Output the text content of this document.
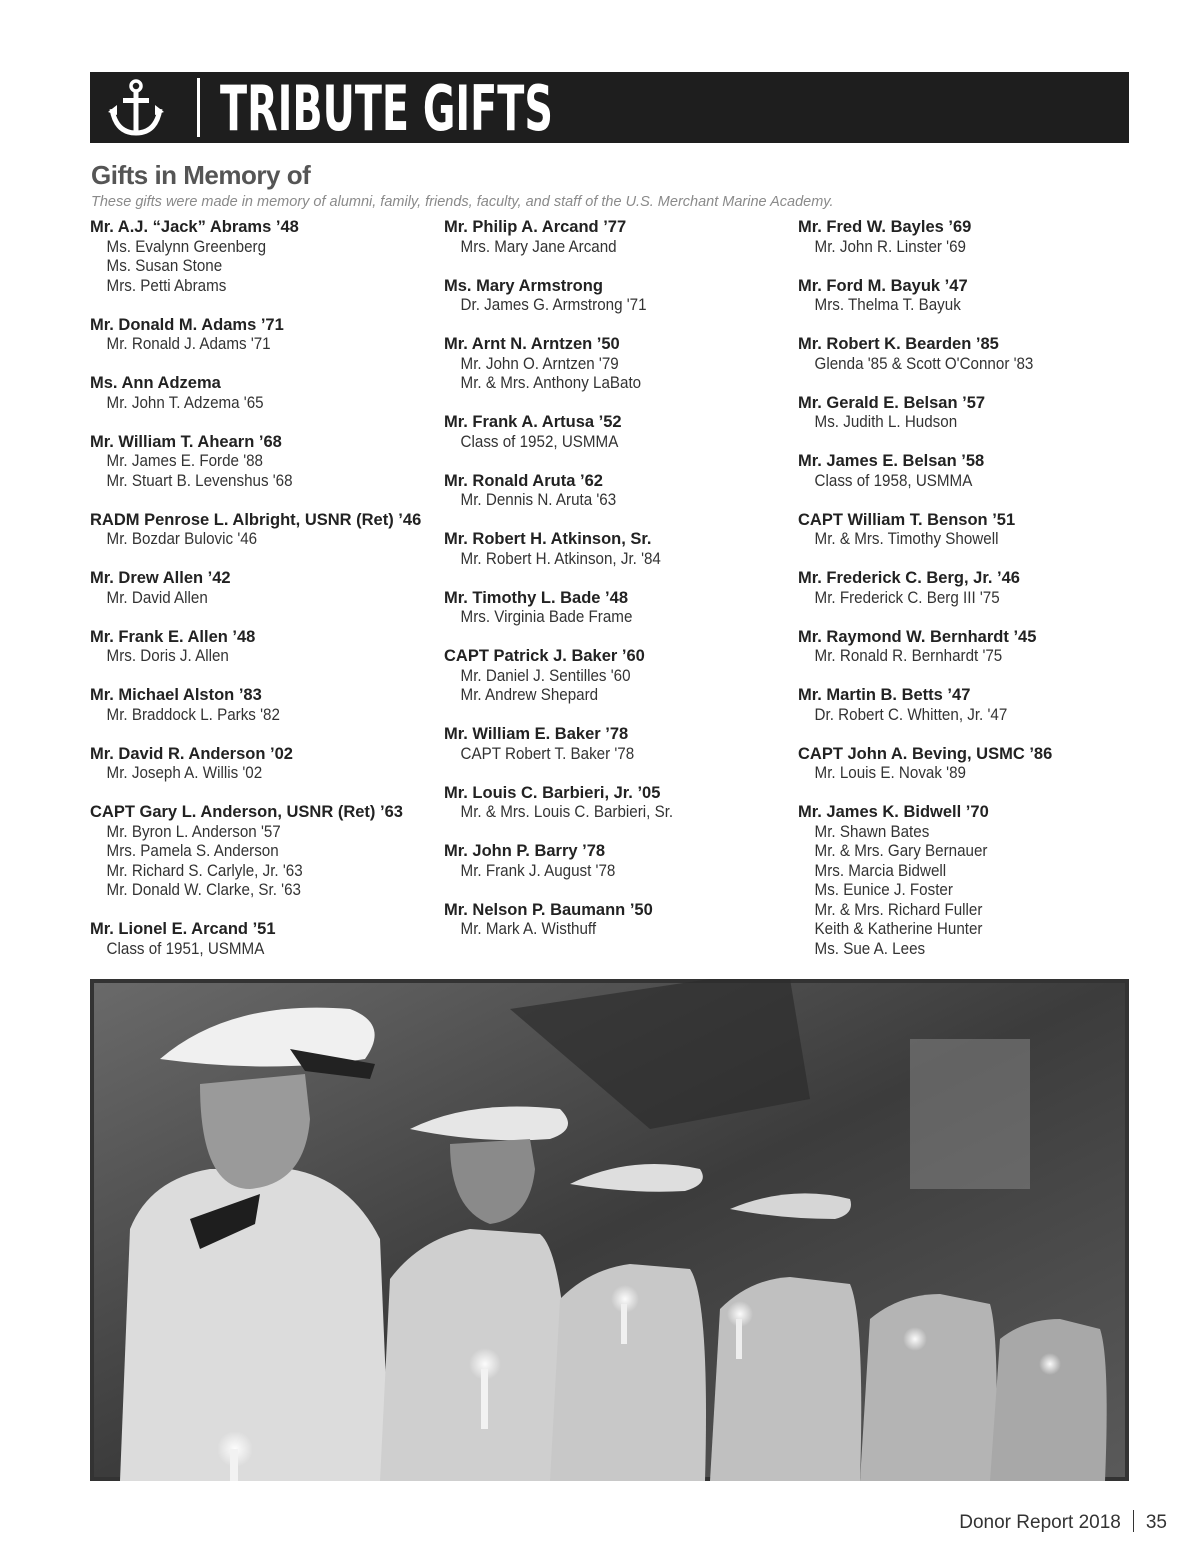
TRIBUTE GIFTS
Gifts in Memory of
These gifts were made in memory of alumni, family, friends, faculty, and staff of the U.S. Merchant Marine Academy.
Mr. A.J. “Jack” Abrams ’48
Ms. Evalynn Greenberg
Ms. Susan Stone
Mrs. Petti Abrams
Mr. Donald M. Adams ’71
Mr. Ronald J. Adams '71
Ms. Ann Adzema
Mr. John T. Adzema '65
Mr. William T. Ahearn ’68
Mr. James E. Forde '88
Mr. Stuart B. Levenshus '68
RADM Penrose L. Albright, USNR (Ret) ’46
Mr. Bozdar Bulovic '46
Mr. Drew Allen ’42
Mr. David Allen
Mr. Frank E. Allen ’48
Mrs. Doris J. Allen
Mr. Michael Alston ’83
Mr. Braddock L. Parks '82
Mr. David R. Anderson ’02
Mr. Joseph A. Willis '02
CAPT Gary L. Anderson, USNR (Ret) ’63
Mr. Byron L. Anderson '57
Mrs. Pamela S. Anderson
Mr. Richard S. Carlyle, Jr. '63
Mr. Donald W. Clarke, Sr. '63
Mr. Lionel E. Arcand ’51
Class of 1951, USMMA
Mr. Philip A. Arcand ’77
Mrs. Mary Jane Arcand
Ms. Mary Armstrong
Dr. James G. Armstrong '71
Mr. Arnt N. Arntzen ’50
Mr. John O. Arntzen '79
Mr. & Mrs. Anthony LaBato
Mr. Frank A. Artusa ’52
Class of 1952, USMMA
Mr. Ronald Aruta ’62
Mr. Dennis N. Aruta '63
Mr. Robert H. Atkinson, Sr.
Mr. Robert H. Atkinson, Jr. '84
Mr. Timothy L. Bade ’48
Mrs. Virginia Bade Frame
CAPT Patrick J. Baker ’60
Mr. Daniel J. Sentilles '60
Mr. Andrew Shepard
Mr. William E. Baker ’78
CAPT Robert T. Baker '78
Mr. Louis C. Barbieri, Jr. ’05
Mr. & Mrs. Louis C. Barbieri, Sr.
Mr. John P. Barry ’78
Mr. Frank J. August '78
Mr. Nelson P. Baumann ’50
Mr. Mark A. Wisthuff
Mr. Fred W. Bayles ’69
Mr. John R. Linster '69
Mr. Ford M. Bayuk ’47
Mrs. Thelma T. Bayuk
Mr. Robert K. Bearden ’85
Glenda '85 & Scott O'Connor '83
Mr. Gerald E. Belsan ’57
Ms. Judith L. Hudson
Mr. James E. Belsan ’58
Class of 1958, USMMA
CAPT William T. Benson ’51
Mr. & Mrs. Timothy Showell
Mr. Frederick C. Berg, Jr. ’46
Mr. Frederick C. Berg III '75
Mr. Raymond W. Bernhardt ’45
Mr. Ronald R. Bernhardt '75
Mr. Martin B. Betts ’47
Dr. Robert C. Whitten, Jr. '47
CAPT John A. Beving, USMC ’86
Mr. Louis E. Novak '89
Mr. James K. Bidwell ’70
Mr. Shawn Bates
Mr. & Mrs. Gary Bernauer
Mrs. Marcia Bidwell
Ms. Eunice J. Foster
Mr. & Mrs. Richard Fuller
Keith & Katherine Hunter
Ms. Sue A. Lees
Donor Report 2018 35
